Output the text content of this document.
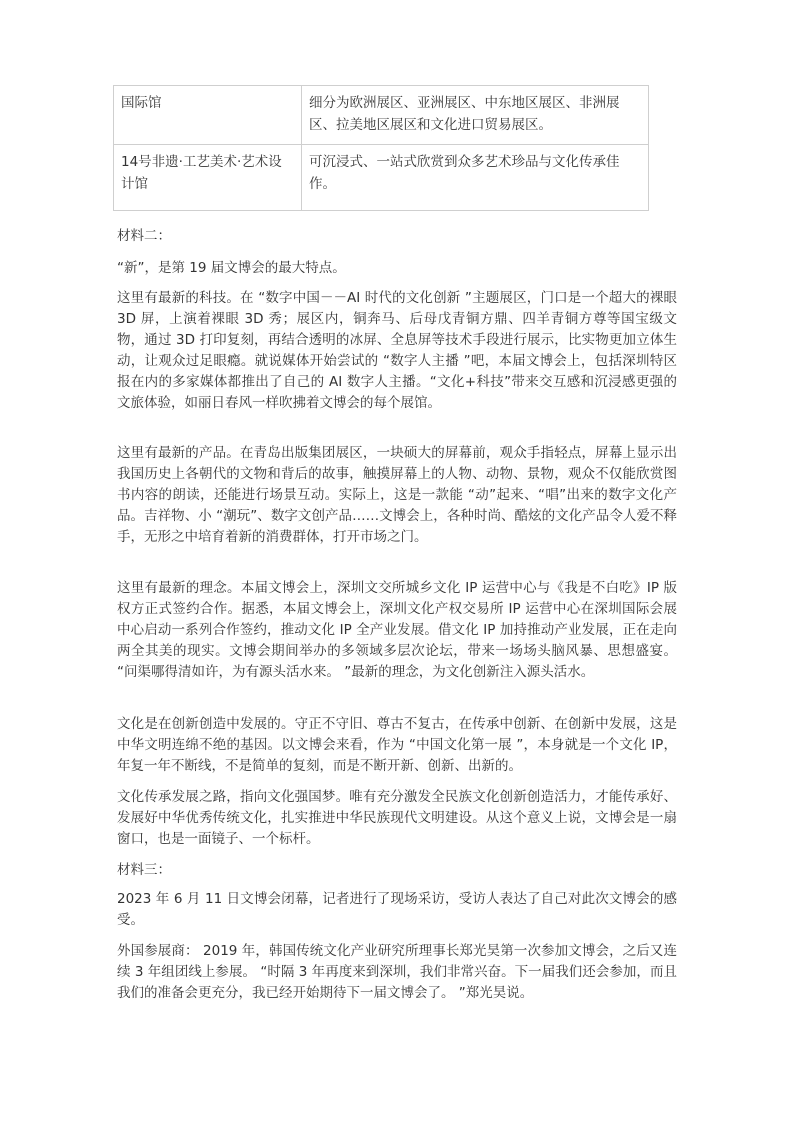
国际馆	细分为欧洲展区、亚洲展区、中东地区展区、非洲展区、拉美地区展区和文化进口贸易展区。
14号非遗·工艺美术·艺术设计馆	可沉浸式、一站式欣赏到众多艺术珍品与文化传承佳作。

材料二：

“新”，是第 19 届文博会的最大特点。

这里有最新的科技。在 “数字中国－－AI 时代的文化创新 ”主题展区，门口是一个超大的裸眼 3D 屏，上演着裸眼 3D 秀；展区内，铜奔马、后母戊青铜方鼎、四羊青铜方尊等国宝级文物，通过 3D 打印复刻，再结合透明的冰屏、全息屏等技术手段进行展示，比实物更加立体生动，让观众过足眼瘾。就说媒体开始尝试的 “数字人主播 ”吧，本届文博会上，包括深圳特区报在内的多家媒体都推出了自己的 AI 数字人主播。“文化+科技”带来交互感和沉浸感更强的文旅体验，如丽日春风一样吹拂着文博会的每个展馆。

这里有最新的产品。在青岛出版集团展区，一块硕大的屏幕前，观众手指轻点，屏幕上显示出我国历史上各朝代的文物和背后的故事，触摸屏幕上的人物、动物、景物，观众不仅能欣赏图书内容的朗读，还能进行场景互动。实际上，这是一款能 “动”起来、“唱”出来的数字文化产品。吉祥物、小 “潮玩”、数字文创产品……文博会上，各种时尚、酷炫的文化产品令人爱不释手，无形之中培育着新的消费群体，打开市场之门。

这里有最新的理念。本届文博会上，深圳文交所城乡文化 IP 运营中心与《我是不白吃》IP 版权方正式签约合作。据悉，本届文博会上，深圳文化产权交易所 IP 运营中心在深圳国际会展中心启动一系列合作签约，推动文化 IP 全产业发展。借文化 IP 加持推动产业发展，正在走向两全其美的现实。文博会期间举办的多领域多层次论坛，带来一场场头脑风暴、思想盛宴。 “问渠哪得清如许，为有源头活水来。 ”最新的理念，为文化创新注入源头活水。

文化是在创新创造中发展的。守正不守旧、尊古不复古，在传承中创新、在创新中发展，这是中华文明连绵不绝的基因。以文博会来看，作为 “中国文化第一展 ”，本身就是一个文化 IP，年复一年不断线，不是简单的复刻，而是不断开新、创新、出新的。

文化传承发展之路，指向文化强国梦。唯有充分激发全民族文化创新创造活力，才能传承好、发展好中华优秀传统文化，扎实推进中华民族现代文明建设。从这个意义上说，文博会是一扇窗口，也是一面镜子、一个标杆。

材料三：

2023 年 6 月 11 日文博会闭幕，记者进行了现场采访，受访人表达了自己对此次文博会的感受。

外国参展商： 2019 年，韩国传统文化产业研究所理事长郑光昊第一次参加文博会，之后又连续 3 年组团线上参展。 “时隔 3 年再度来到深圳，我们非常兴奋。下一届我们还会参加，而且我们的准备会更充分，我已经开始期待下一届文博会了。 ”郑光昊说。
